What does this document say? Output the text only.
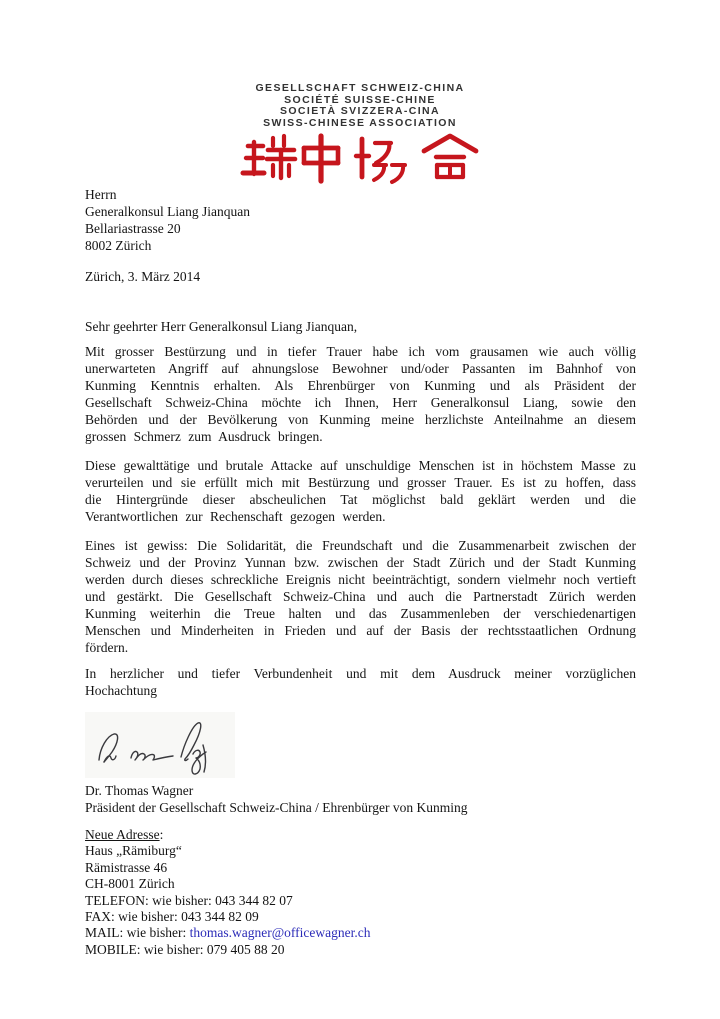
GESELLSCHAFT SCHWEIZ-CHINA
SOCIÉTÉ SUISSE-CHINE
SOCIETÀ SVIZZERA-CINA
SWISS-CHINESE ASSOCIATION
Herrn
Generalkonsul Liang Jianquan
Bellariastrasse 20
8002 Zürich
Zürich, 3. März 2014

Sehr geehrter Herr Generalkonsul Liang Jianquan,

Mit grosser Bestürzung und in tiefer Trauer habe ich vom grausamen wie auch völlig unerwarteten Angriff auf ahnungslose Bewohner und/oder Passanten im Bahnhof von Kunming Kenntnis erhalten. Als Ehrenbürger von Kunming und als Präsident der Gesellschaft Schweiz-China möchte ich Ihnen, Herr Generalkonsul Liang, sowie den Behörden und der Bevölkerung von Kunming meine herzlichste Anteilnahme an diesem grossen Schmerz zum Ausdruck bringen.

Diese gewalttätige und brutale Attacke auf unschuldige Menschen ist in höchstem Masse zu verurteilen und sie erfüllt mich mit Bestürzung und grosser Trauer. Es ist zu hoffen, dass die Hintergründe dieser abscheulichen Tat möglichst bald geklärt werden und die Verantwortlichen zur Rechenschaft gezogen werden.

Eines ist gewiss: Die Solidarität, die Freundschaft und die Zusammenarbeit zwischen der Schweiz und der Provinz Yunnan bzw. zwischen der Stadt Zürich und der Stadt Kunming werden durch dieses schreckliche Ereignis nicht beeinträchtigt, sondern vielmehr noch vertieft und gestärkt. Die Gesellschaft Schweiz-China und auch die Partnerstadt Zürich werden Kunming weiterhin die Treue halten und das Zusammenleben der verschiedenartigen Menschen und Minderheiten in Frieden und auf der Basis der rechtsstaatlichen Ordnung fördern.

In herzlicher und tiefer Verbundenheit und mit dem Ausdruck meiner vorzüglichen Hochachtung

Dr. Thomas Wagner
Präsident der Gesellschaft Schweiz-China / Ehrenbürger von Kunming
Neue Adresse:
Haus „Rämiburg“
Rämistrasse 46
CH-8001 Zürich
TELEFON: wie bisher: 043 344 82 07
FAX: wie bisher: 043 344 82 09
MAIL: wie bisher: thomas.wagner@officewagner.ch
MOBILE: wie bisher: 079 405 88 20
